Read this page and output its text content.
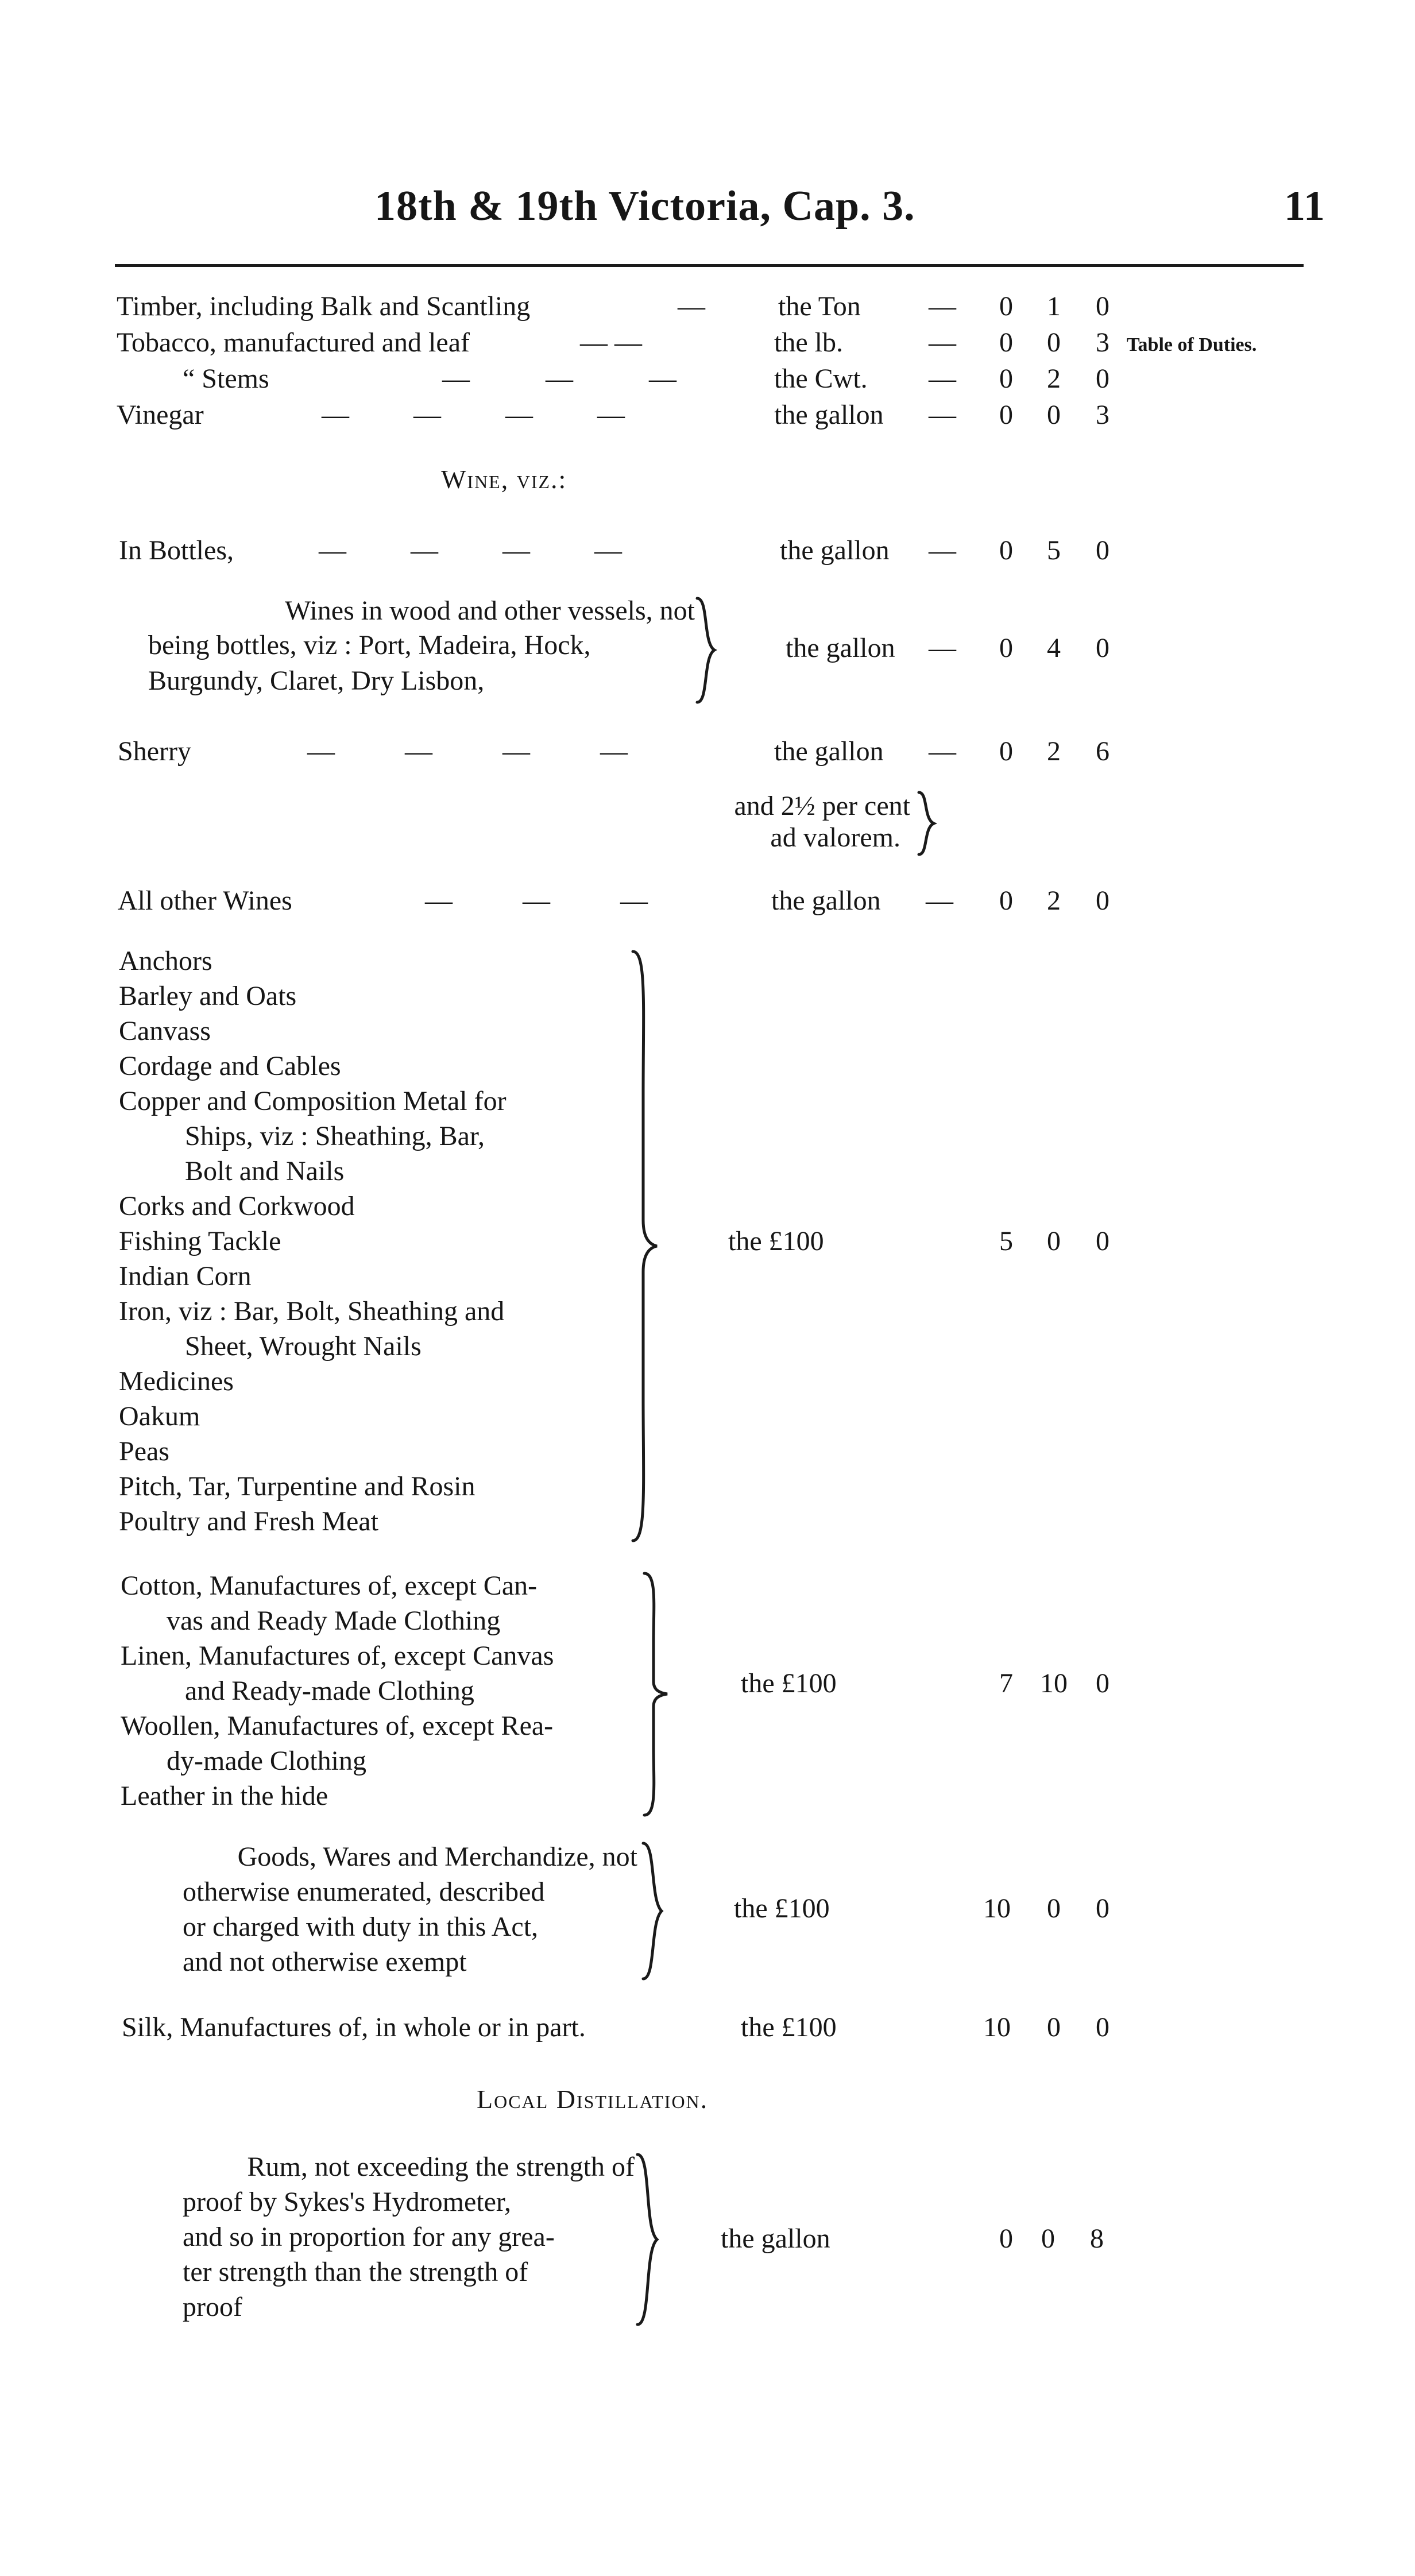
18th & 19th Victoria, Cap. 3.	11
Timber, including Balk and Scantling	—	the Ton —	0	1	0
Tobacco, manufactured and leaf	— —	the lb.	—	0	0	3 Table of Duties.
“ Stems	— — —	the Cwt. —	0	2	0
Vinegar	— — — —	the gallon —	0	0	3
Wine, viz.:
In Bottles,	— — — —	the gallon —	0	5	0
Wines in wood and other vessels, not
being bottles, viz : Port, Madeira, Hock,
Burgundy, Claret, Dry Lisbon,
the gallon —	0	4	0
Sherry	— — — —	the gallon —	0	2	6
and 2½ per cent
ad valorem.
All other Wines	— — —	the gallon —	0	2	0
Anchors
Barley and Oats
Canvass
Cordage and Cables
Copper and Composition Metal for
Ships, viz : Sheathing, Bar,
Bolt and Nails
Corks and Corkwood
Fishing Tackle
Indian Corn
Iron, viz : Bar, Bolt, Sheathing and
Sheet, Wrought Nails
Medicines
Oakum
Peas
Pitch, Tar, Turpentine and Rosin
Poultry and Fresh Meat
the £100	5	0	0
Cotton, Manufactures of, except Can-
vas and Ready Made Clothing
Linen, Manufactures of, except Canvas
and Ready-made Clothing
Woollen, Manufactures of, except Rea-
dy-made Clothing
Leather in the hide
the £100	7 10	0
Goods, Wares and Merchandize, not
otherwise enumerated, described
or charged with duty in this Act,
and not otherwise exempt
the £100	10	0	0
Silk, Manufactures of, in whole or in part.	the £100	10	0	0
Local Distillation.
Rum, not exceeding the strength of
proof by Sykes's Hydrometer,
and so in proportion for any grea-
ter strength than the strength of
proof
the gallon	0	0	8
